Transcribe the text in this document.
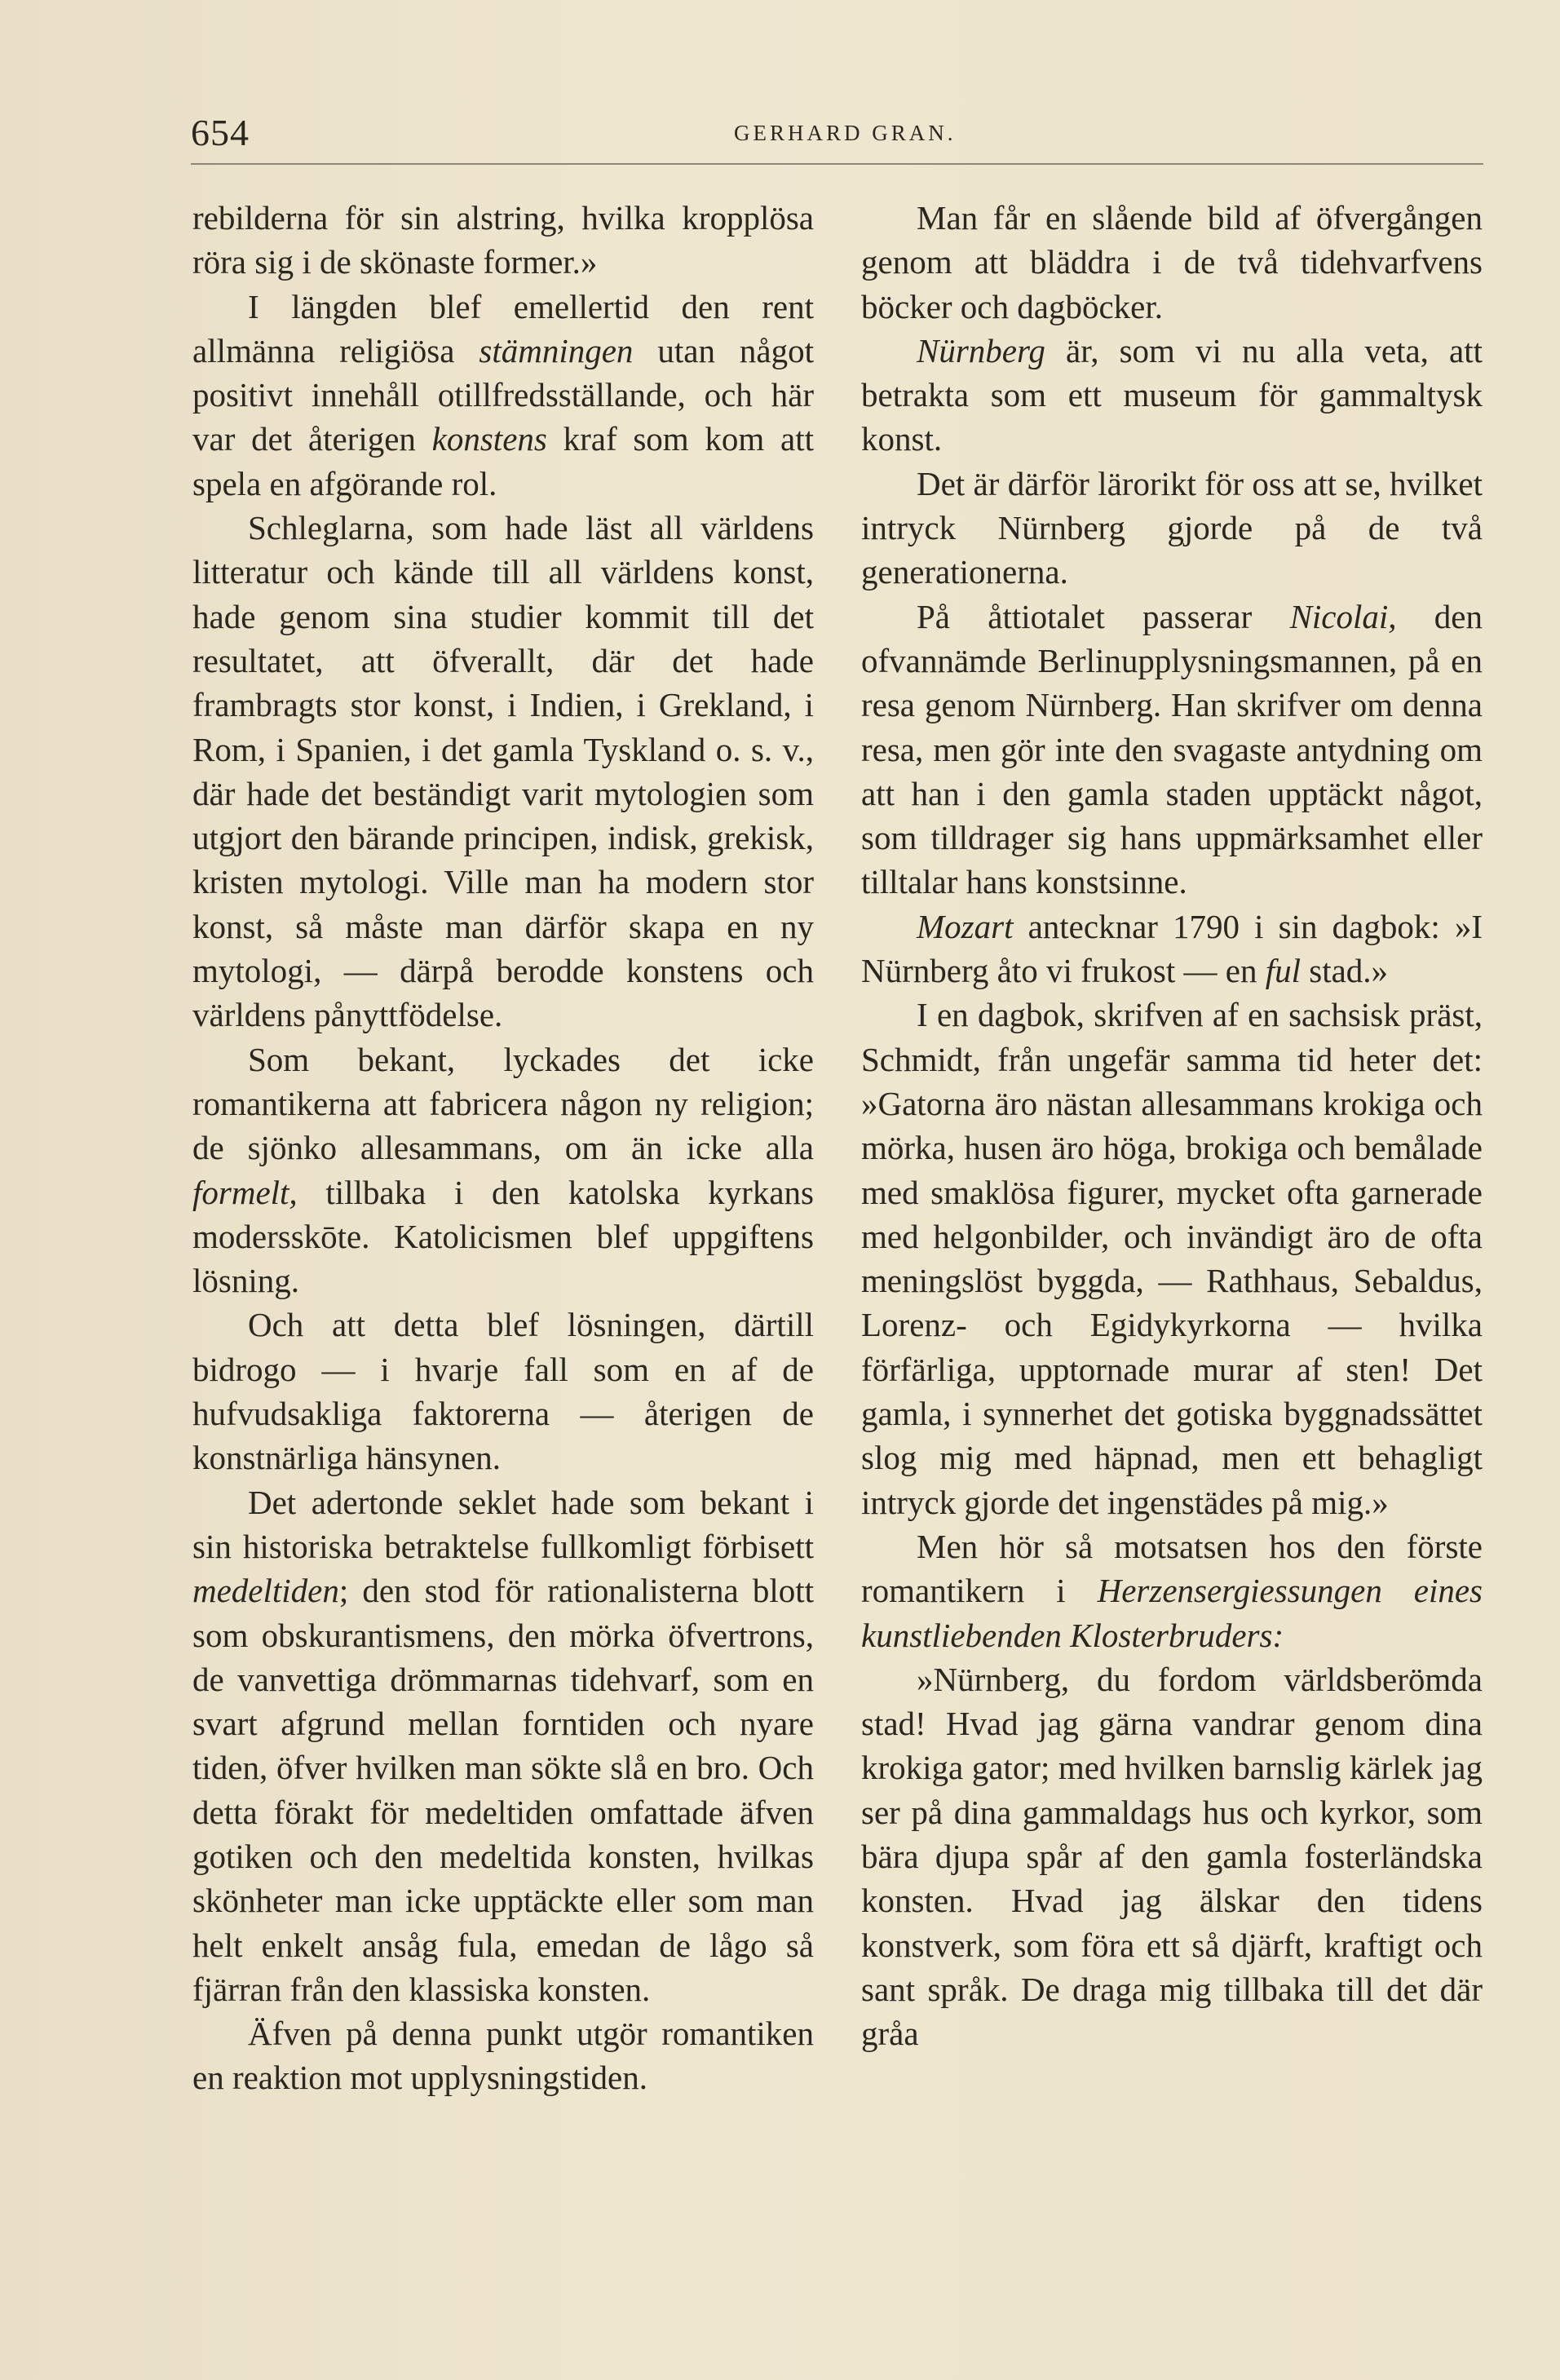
654	GERHARD GRAN.

rebilderna för sin alstring, hvilka kropplösa röra sig i de skönaste former.»

I längden blef emellertid den rent allmänna religiösa stämningen utan något positivt innehåll otillfredsställande, och här var det återigen konstens kraf som kom att spela en afgörande rol.

Schleglarna, som hade läst all världens litteratur och kände till all världens konst, hade genom sina studier kommit till det resultatet, att öfverallt, där det hade frambragts stor konst, i Indien, i Grekland, i Rom, i Spanien, i det gamla Tyskland o. s. v., där hade det beständigt varit mytologien som utgjort den bärande principen, indisk, grekisk, kristen mytologi. Ville man ha modern stor konst, så måste man därför skapa en ny mytologi, — därpå berodde konstens och världens pånyttfödelse.

Som bekant, lyckades det icke romantikerna att fabricera någon ny religion; de sjönko allesammans, om än icke alla formelt, tillbaka i den katolska kyrkans modersskōte. Katolicismen blef uppgiftens lösning.

Och att detta blef lösningen, därtill bidrogo — i hvarje fall som en af de hufvudsakliga faktorerna — återigen de konstnärliga hänsynen.

Det adertonde seklet hade som bekant i sin historiska betraktelse fullkomligt förbisett medeltiden; den stod för rationalisterna blott som obskurantismens, den mörka öfvertrons, de vanvettiga drömmarnas tidehvarf, som en svart afgrund mellan forntiden och nyare tiden, öfver hvilken man sökte slå en bro. Och detta förakt för medeltiden omfattade äfven gotiken och den medeltida konsten, hvilkas skönheter man icke upptäckte eller som man helt enkelt ansåg fula, emedan de lågo så fjärran från den klassiska konsten.

Äfven på denna punkt utgör romantiken en reaktion mot upplysningstiden.

Man får en slående bild af öfvergången genom att bläddra i de två tidehvarfvens böcker och dagböcker.

Nürnberg är, som vi nu alla veta, att betrakta som ett museum för gammaltysk konst.

Det är därför lärorikt för oss att se, hvilket intryck Nürnberg gjorde på de två generationerna.

På åttiotalet passerar Nicolai, den ofvannämde Berlinupplysningsmannen, på en resa genom Nürnberg. Han skrifver om denna resa, men gör inte den svagaste antydning om att han i den gamla staden upptäckt något, som tilldrager sig hans uppmärksamhet eller tilltalar hans konstsinne.

Mozart antecknar 1790 i sin dagbok: »I Nürnberg åto vi frukost — en ful stad.»

I en dagbok, skrifven af en sachsisk präst, Schmidt, från ungefär samma tid heter det: »Gatorna äro nästan allesammans krokiga och mörka, husen äro höga, brokiga och bemålade med smaklösa figurer, mycket ofta garnerade med helgonbilder, och invändigt äro de ofta meningslöst byggda, — Rathhaus, Sebaldus, Lorenz- och Egidykyrkorna — hvilka förfärliga, upptornade murar af sten! Det gamla, i synnerhet det gotiska byggnadssättet slog mig med häpnad, men ett behagligt intryck gjorde det ingenstädes på mig.»

Men hör så motsatsen hos den förste romantikern i Herzensergiessungen eines kunstliebenden Klosterbruders:

»Nürnberg, du fordom världsberömda stad! Hvad jag gärna vandrar genom dina krokiga gator; med hvilken barnslig kärlek jag ser på dina gammaldags hus och kyrkor, som bära djupa spår af den gamla fosterländska konsten. Hvad jag älskar den tidens konstverk, som föra ett så djärft, kraftigt och sant språk. De draga mig tillbaka till det där gråa
